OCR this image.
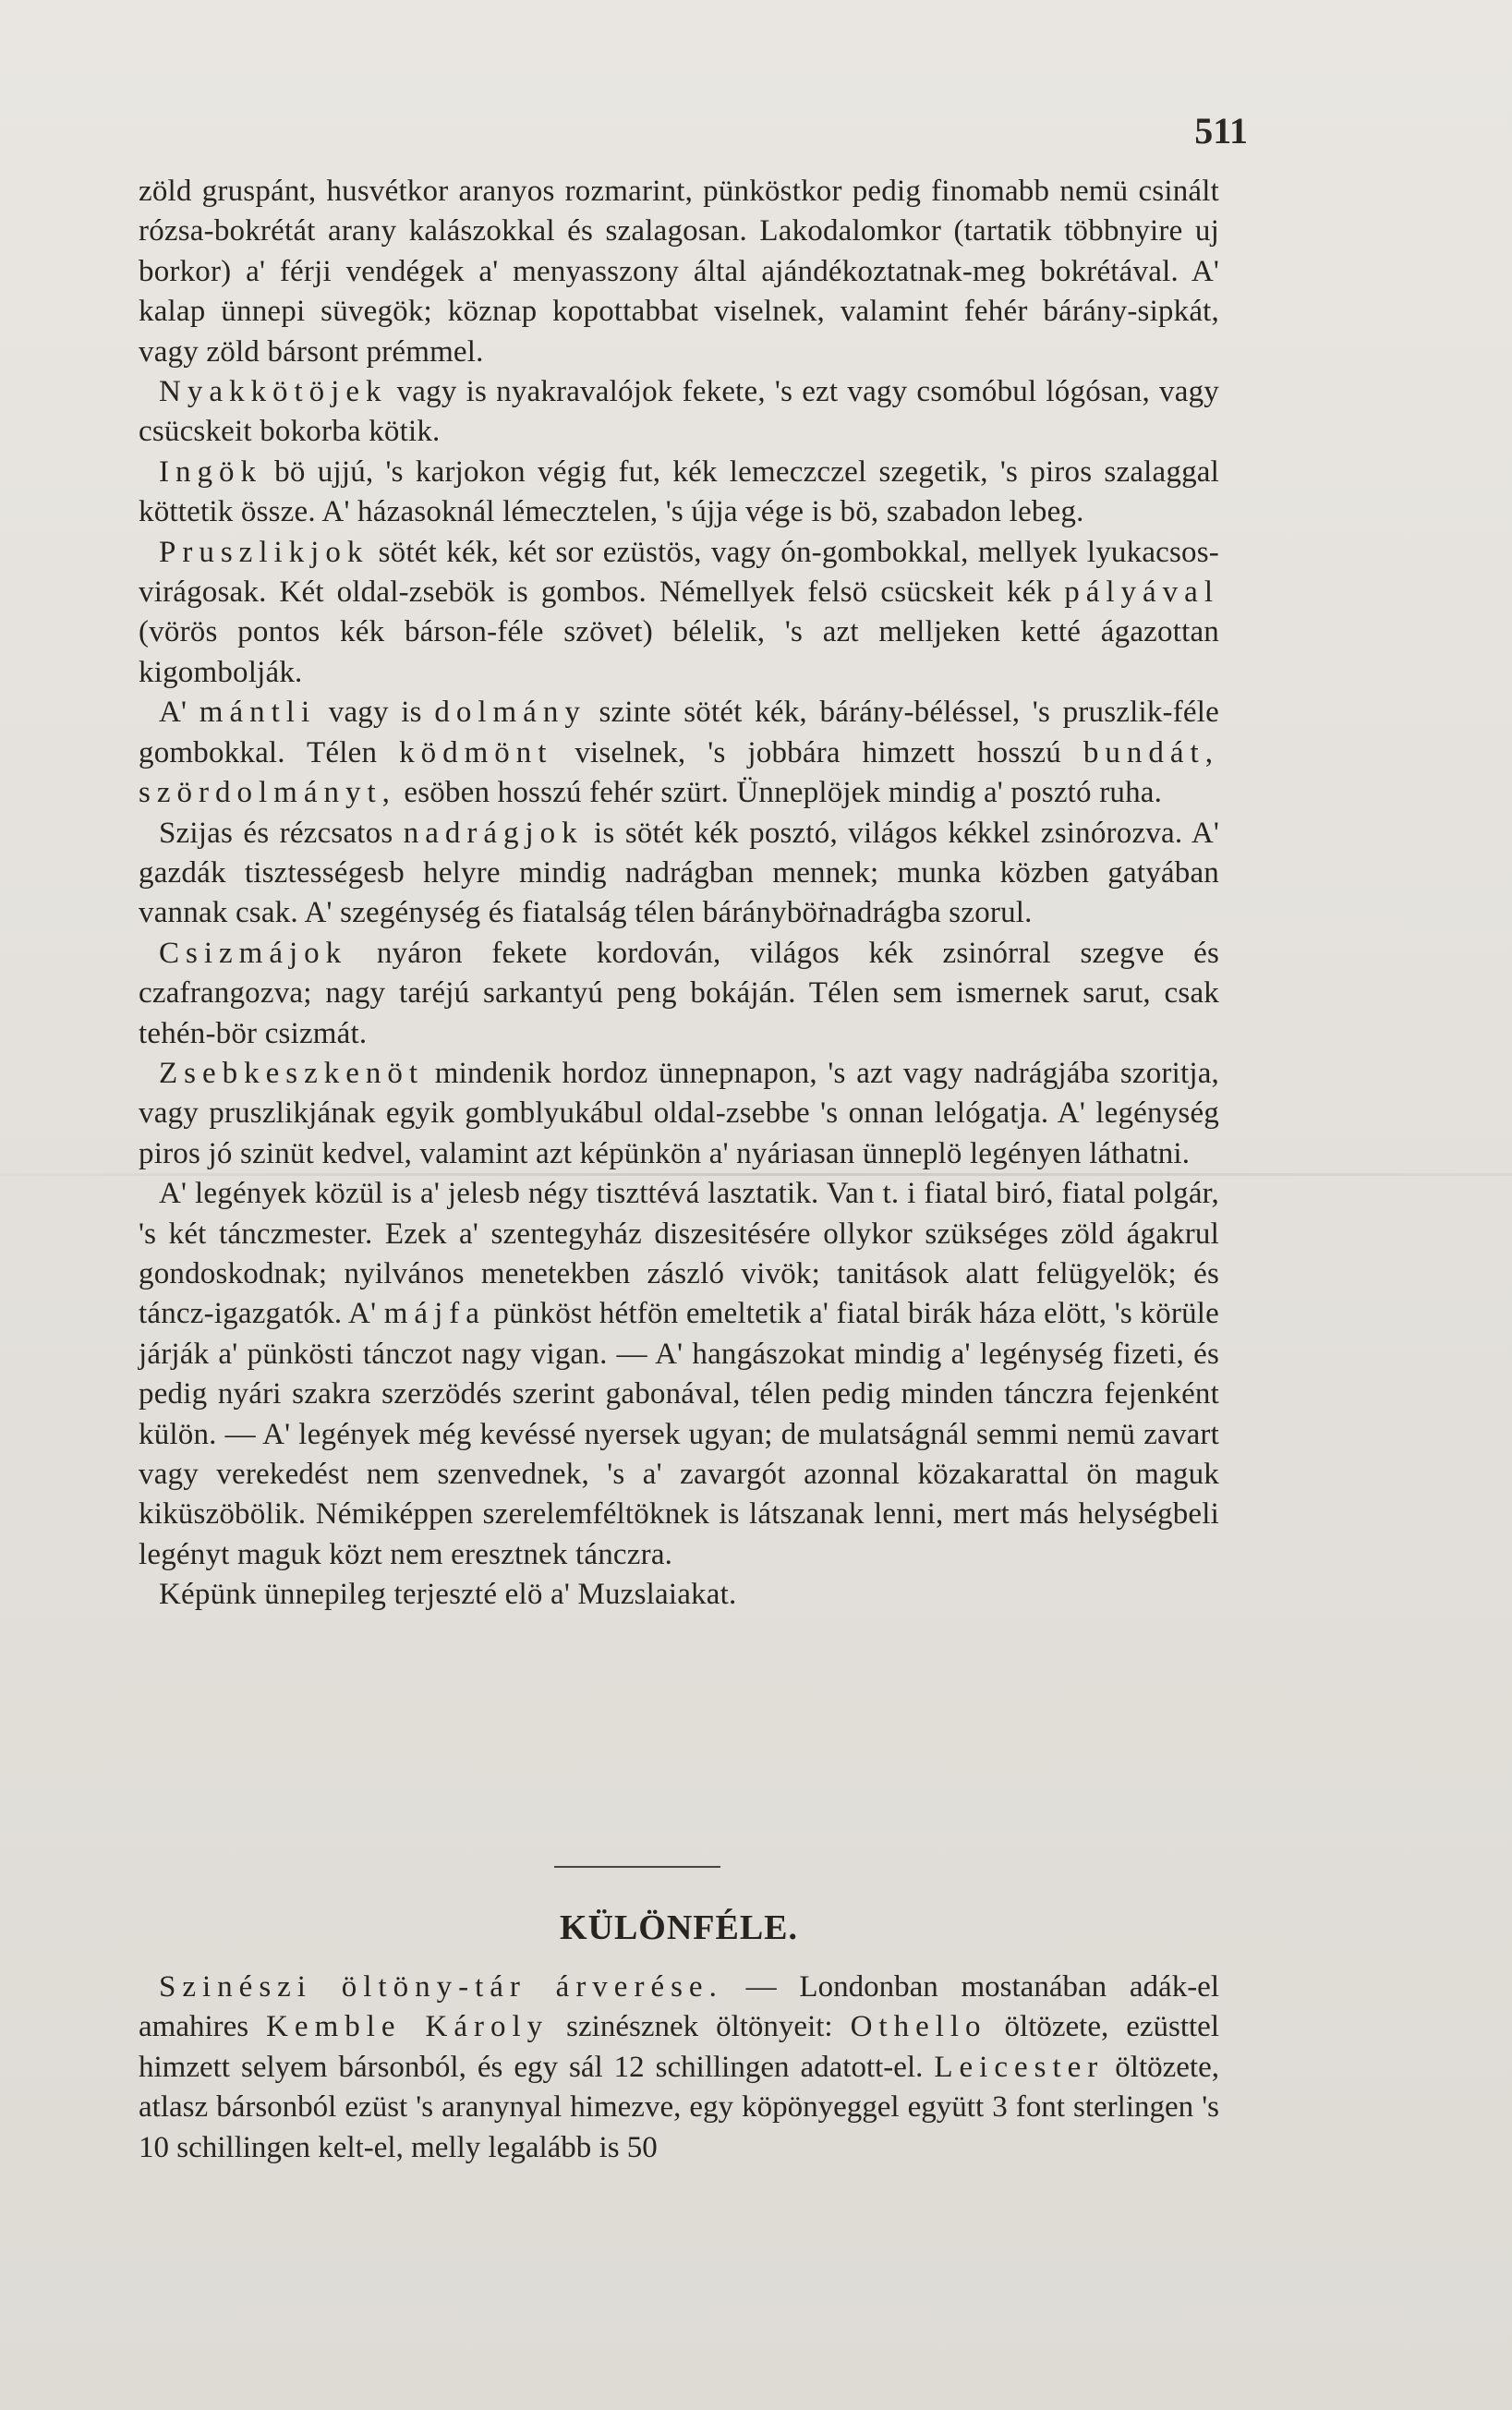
511

zöld gruspánt, husvétkor aranyos rozmarint, pünköstkor pedig finomabb nemü csinált rózsa-bokrétát arany kalászokkal és szalagosan. Lakodalomkor (tartatik többnyire uj borkor) a' férji vendégek a' menyasszony által ajándékoztatnak-meg bokrétával. A' kalap ünnepi süvegök; köznap kopottabbat viselnek, valamint fehér bárány-sipkát, vagy zöld bársont prémmel.

Nyakkötöjek vagy is nyakravalójok fekete, 's ezt vagy csomóbul lógósan, vagy csücskeit bokorba kötik.

Ingök bö ujjú, 's karjokon végig fut, kék lemeczczel szegetik, 's piros szalaggal köttetik össze. A' házasoknál lémecztelen, 's újja vége is bö, szabadon lebeg.

Pruszlikjok sötét kék, két sor ezüstös, vagy ón-gombokkal, mellyek lyukacsos-virágosak. Két oldal-zsebök is gombos. Némellyek felsö csücskeit kék pályával (vörös pontos kék bárson-féle szövet) bélelik, 's azt melljeken ketté ágazottan kigombolják.

A' mántli vagy is dolmány szinte sötét kék, bárány-béléssel, 's pruszlik-féle gombokkal. Télen ködmönt viselnek, 's jobbára himzett hosszú bundát, szördolmányt, esöben hosszú fehér szürt. Ünneplöjek mindig a' posztó ruha.

Szijas és rézcsatos nadrágjok is sötét kék posztó, világos kékkel zsinórozva. A' gazdák tisztességesb helyre mindig nadrágban mennek; munka közben gatyában vannak csak. A' szegénység és fiatalság télen bárányböṙnadrágba szorul.

Csizmájok nyáron fekete kordován, világos kék zsinórral szegve és czafrangozva; nagy taréjú sarkantyú peng bokáján. Télen sem ismernek sarut, csak tehén-bör csizmát.

Zsebkeszkenöt mindenik hordoz ünnepnapon, 's azt vagy nadrágjába szoritja, vagy pruszlikjának egyik gomblyukábul oldal-zsebbe 's onnan lelógatja. A' legénység piros jó szinüt kedvel, valamint azt képünkön a' nyáriasan ünneplö legényen láthatni.

A' legények közül is a' jelesb négy tiszttévá lasztatik. Van t. i fiatal biró, fiatal polgár, 's két tánczmester. Ezek a' szentegyház diszesitésére ollykor szükséges zöld ágakrul gondoskodnak; nyilvános menetekben zászló vivök; tanitások alatt felügyelök; és táncz-igazgatók. A' májfa pünköst hétfön emeltetik a' fiatal birák háza elött, 's körüle járják a' pünkösti tánczot nagy vigan. — A' hangászokat mindig a' legénység fizeti, és pedig nyári szakra szerzödés szerint gabonával, télen pedig minden tánczra fejenként külön. — A' legények még kevéssé nyersek ugyan; de mulatságnál semmi nemü zavart vagy verekedést nem szenvednek, 's a' zavargót azonnal közakarattal ön maguk kiküszöbölik. Némiképpen szerelemféltöknek is látszanak lenni, mert más helységbeli legényt maguk közt nem eresztnek tánczra.

Képünk ünnepileg terjeszté elö a' Muzslaiakat.

KÜLÖNFÉLE.

Szinészi öltöny-tár árverése. — Londonban mostanában adák-el amahires Kemble Károly szinésznek öltönyeit: Othello öltözete, ezüsttel himzett selyem bársonból, és egy sál 12 schillingen adatott-el. Leicester öltözete, atlasz bársonból ezüst 's aranynyal himezve, egy köpönyeggel együtt 3 font sterlingen 's 10 schillingen kelt-el, melly legalább is 50
